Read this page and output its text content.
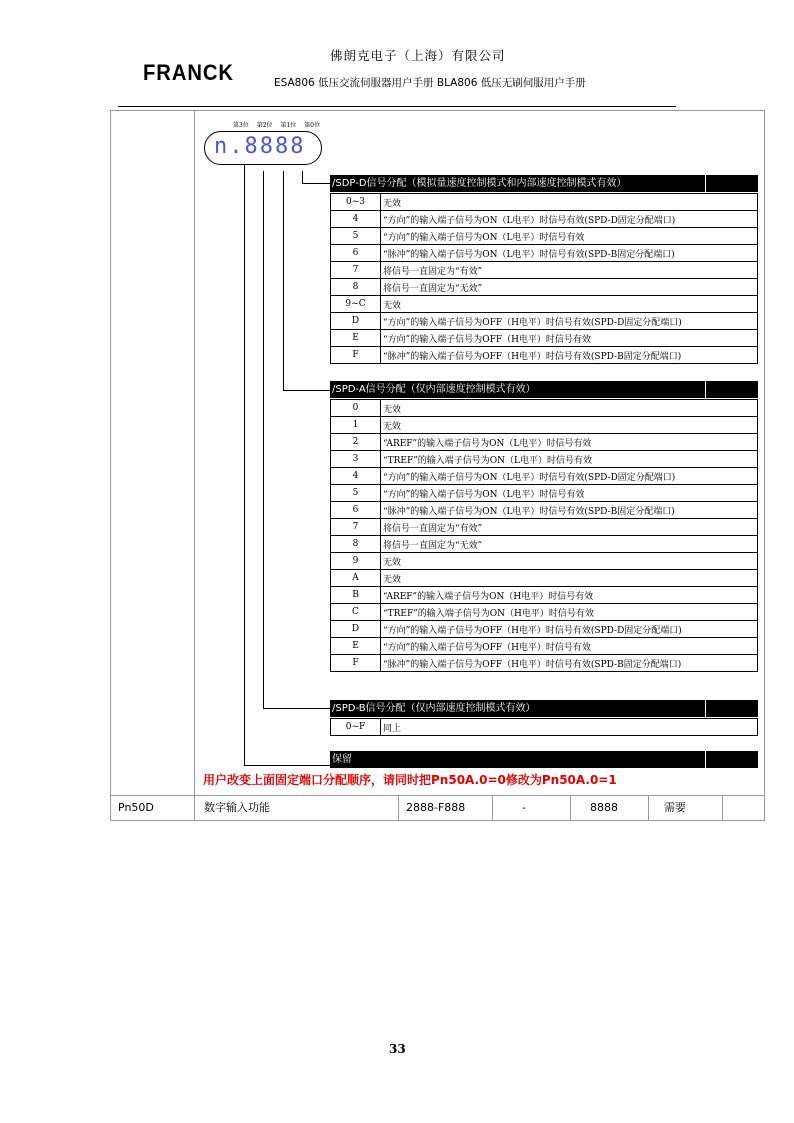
FRANCK
佛朗克电子（上海）有限公司
ESA806 低压交流伺服器用户手册 BLA806 低压无刷伺服用户手册
第3位 第2位 第1位 第0位
n.8888
/SDP-D信号分配（模拟量速度控制模式和内部速度控制模式有效）
0~3	无效
4	“方向”的输入端子信号为ON（L电平）时信号有效(SPD-D固定分配端口)
5	“方向”的输入端子信号为ON（L电平）时信号有效
6	“脉冲”的输入端子信号为ON（L电平）时信号有效(SPD-B固定分配端口)
7	将信号一直固定为“有效”
8	将信号一直固定为“无效”
9~C	无效
D	“方向”的输入端子信号为OFF（H电平）时信号有效(SPD-D固定分配端口)
E	“方向”的输入端子信号为OFF（H电平）时信号有效
F	“脉冲”的输入端子信号为OFF（H电平）时信号有效(SPD-B固定分配端口)
/SPD-A信号分配（仅内部速度控制模式有效）
0	无效
1	无效
2	“AREF”的输入端子信号为ON（L电平）时信号有效
3	“TREF”的输入端子信号为ON（L电平）时信号有效
4	“方向”的输入端子信号为ON（L电平）时信号有效(SPD-D固定分配端口)
5	“方向”的输入端子信号为ON（L电平）时信号有效
6	“脉冲”的输入端子信号为ON（L电平）时信号有效(SPD-B固定分配端口)
7	将信号一直固定为“有效”
8	将信号一直固定为“无效”
9	无效
A	无效
B	“AREF”的输入端子信号为ON（H电平）时信号有效
C	“TREF”的输入端子信号为ON（H电平）时信号有效
D	“方向”的输入端子信号为OFF（H电平）时信号有效(SPD-D固定分配端口)
E	“方向”的输入端子信号为OFF（H电平）时信号有效
F	“脉冲”的输入端子信号为OFF（H电平）时信号有效(SPD-B固定分配端口)
/SPD-B信号分配（仅内部速度控制模式有效）
0~F	同上
保留
用户改变上面固定端口分配顺序，请同时把Pn50A.0=0修改为Pn50A.0=1
Pn50D	数字输入功能	2888-F888	-	8888	需要
33
